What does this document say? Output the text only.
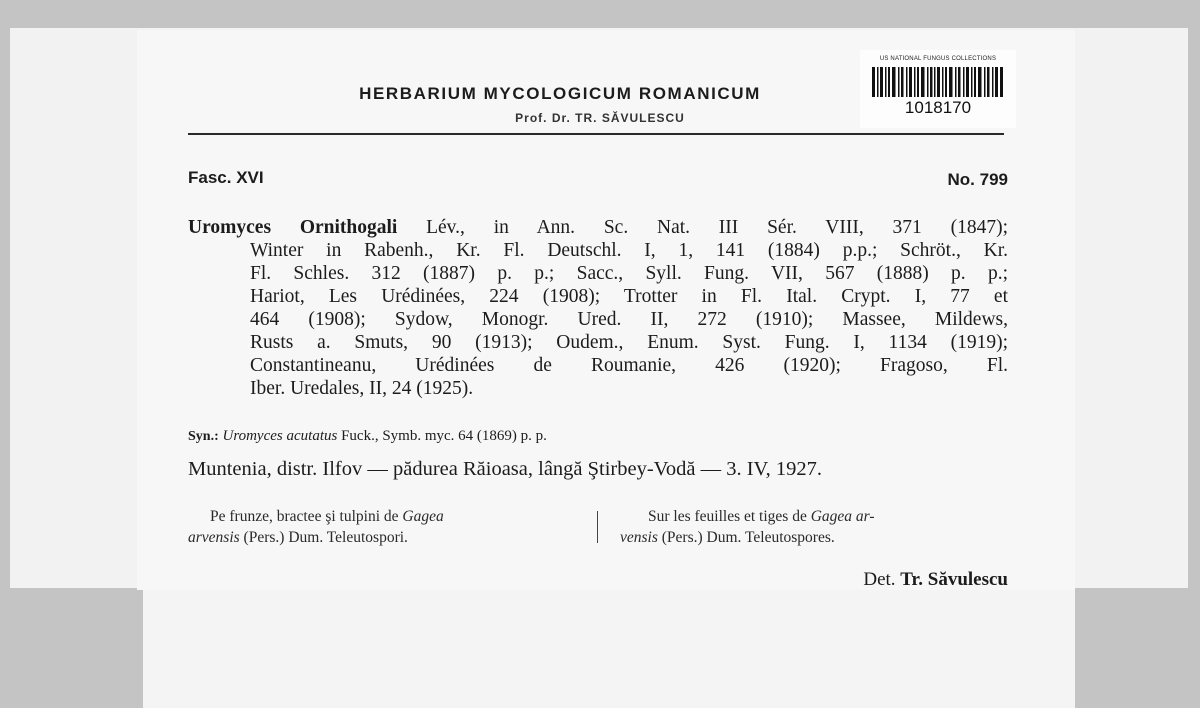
HERBARIUM MYCOLOGICUM ROMANICUM
Prof. Dr. TR. SĂVULESCU
US NATIONAL FUNGUS COLLECTIONS
1018170
Fasc. XVI	No. 799
Uromyces Ornithogali Lév., in Ann. Sc. Nat. III Sér. VIII, 371 (1847);
Winter in Rabenh., Kr. Fl. Deutschl. I, 1, 141 (1884) p.p.; Schröt., Kr.
Fl. Schles. 312 (1887) p. p.; Sacc., Syll. Fung. VII, 567 (1888) p. p.;
Hariot, Les Urédinées, 224 (1908); Trotter in Fl. Ital. Crypt. I, 77 et
464 (1908); Sydow, Monogr. Ured. II, 272 (1910); Massee, Mildews,
Rusts a. Smuts, 90 (1913); Oudem., Enum. Syst. Fung. I, 1134 (1919);
Constantineanu, Urédinées de Roumanie, 426 (1920); Fragoso, Fl.
Iber. Uredales, II, 24 (1925).
Syn.: Uromyces acutatus Fuck., Symb. myc. 64 (1869) p. p.
Muntenia, distr. Ilfov — pădurea Răioasa, lângă Ştirbey-Vodă — 3. IV, 1927.
Pe frunze, bractee şi tulpini de Gagea
arvensis (Pers.) Dum. Teleutospori.
Sur les feuilles et tiges de Gagea ar-
vensis (Pers.) Dum. Teleutospores.
Det. Tr. Săvulescu
